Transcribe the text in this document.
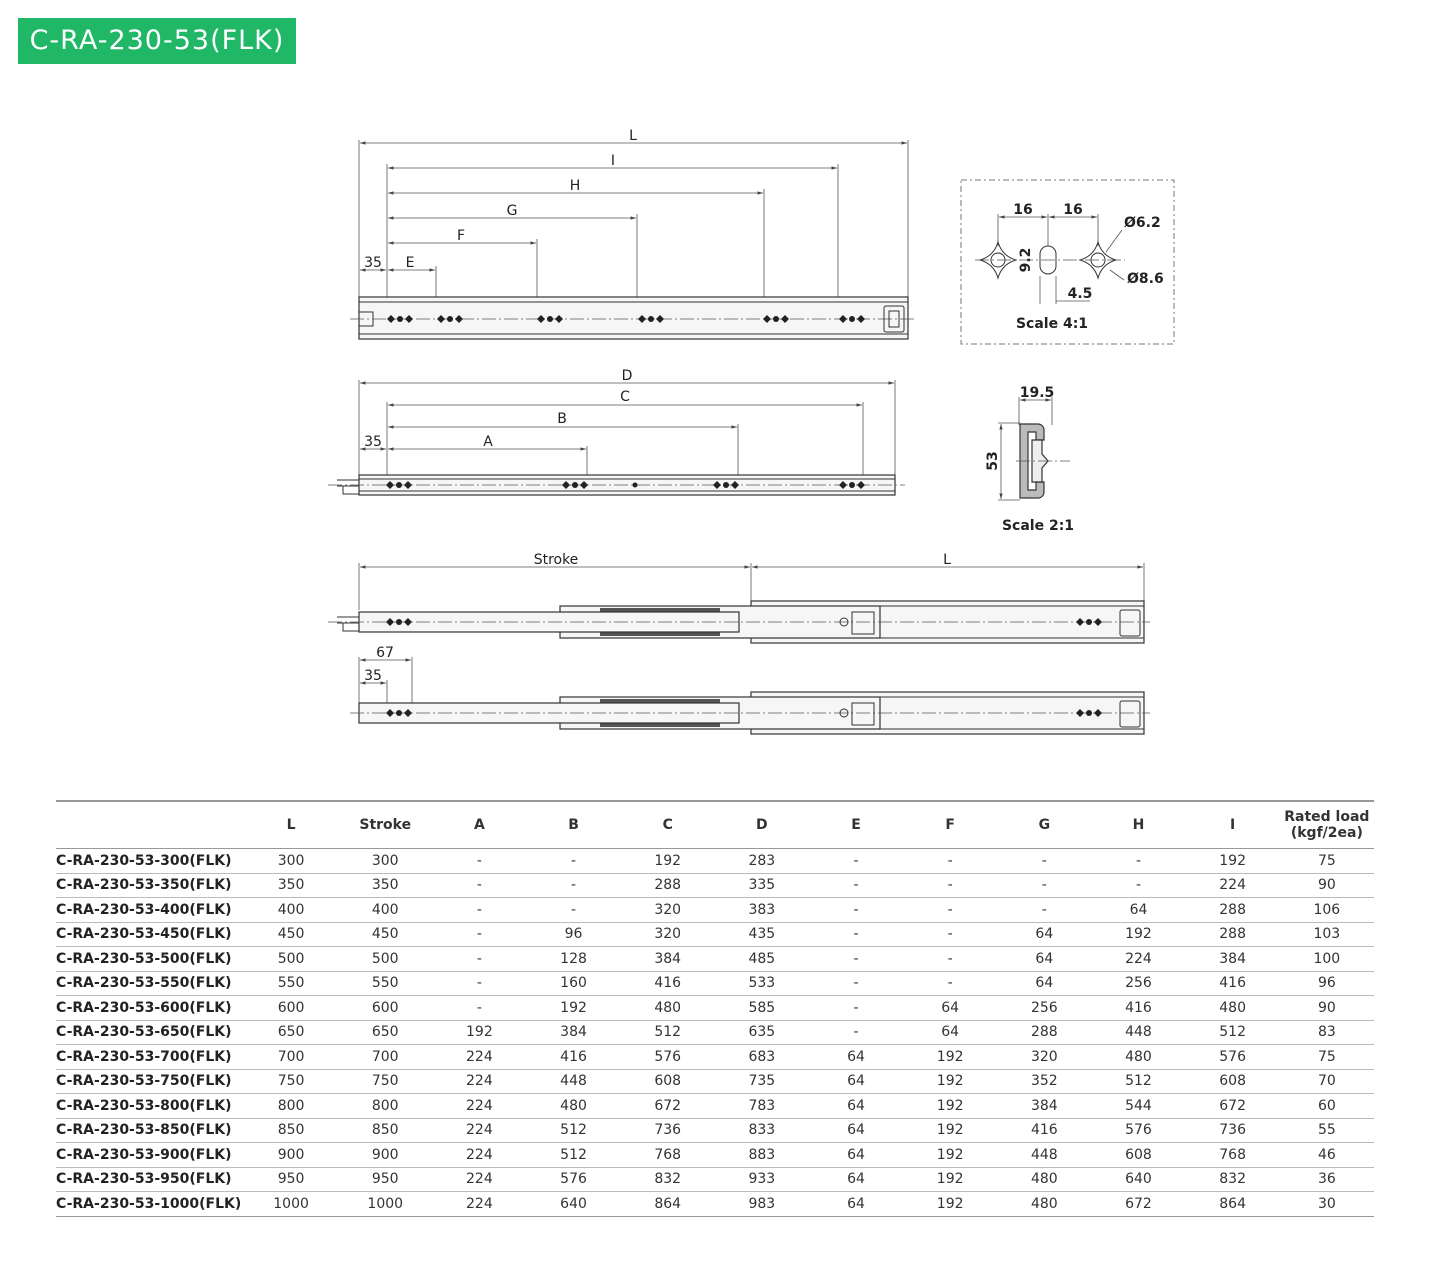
C-RA-230-53(FLK)
L
I
H
G
F
35 E
D
C
B
35	A
Stroke	L
67
35
16 16
Ø6.2
Ø8.6
9.2
4.5
Scale 4:1
19.5
53
Scale 2:1
	L	Stroke	A	B	C	D	E	F	G	H	I	Rated load
(kgf/2ea)

C-RA-230-53-300(FLK)	300	300	-	-	192	283	-	-	-	-	192	75
C-RA-230-53-350(FLK)	350	350	-	-	288	335	-	-	-	-	224	90
C-RA-230-53-400(FLK)	400	400	-	-	320	383	-	-	-	64	288	106
C-RA-230-53-450(FLK)	450	450	-	96	320	435	-	-	64	192	288	103
C-RA-230-53-500(FLK)	500	500	-	128	384	485	-	-	64	224	384	100
C-RA-230-53-550(FLK)	550	550	-	160	416	533	-	-	64	256	416	96
C-RA-230-53-600(FLK)	600	600	-	192	480	585	-	64	256	416	480	90
C-RA-230-53-650(FLK)	650	650	192	384	512	635	-	64	288	448	512	83
C-RA-230-53-700(FLK)	700	700	224	416	576	683	64	192	320	480	576	75
C-RA-230-53-750(FLK)	750	750	224	448	608	735	64	192	352	512	608	70
C-RA-230-53-800(FLK)	800	800	224	480	672	783	64	192	384	544	672	60
C-RA-230-53-850(FLK)	850	850	224	512	736	833	64	192	416	576	736	55
C-RA-230-53-900(FLK)	900	900	224	512	768	883	64	192	448	608	768	46
C-RA-230-53-950(FLK)	950	950	224	576	832	933	64	192	480	640	832	36
C-RA-230-53-1000(FLK)	1000	1000	224	640	864	983	64	192	480	672	864	30
